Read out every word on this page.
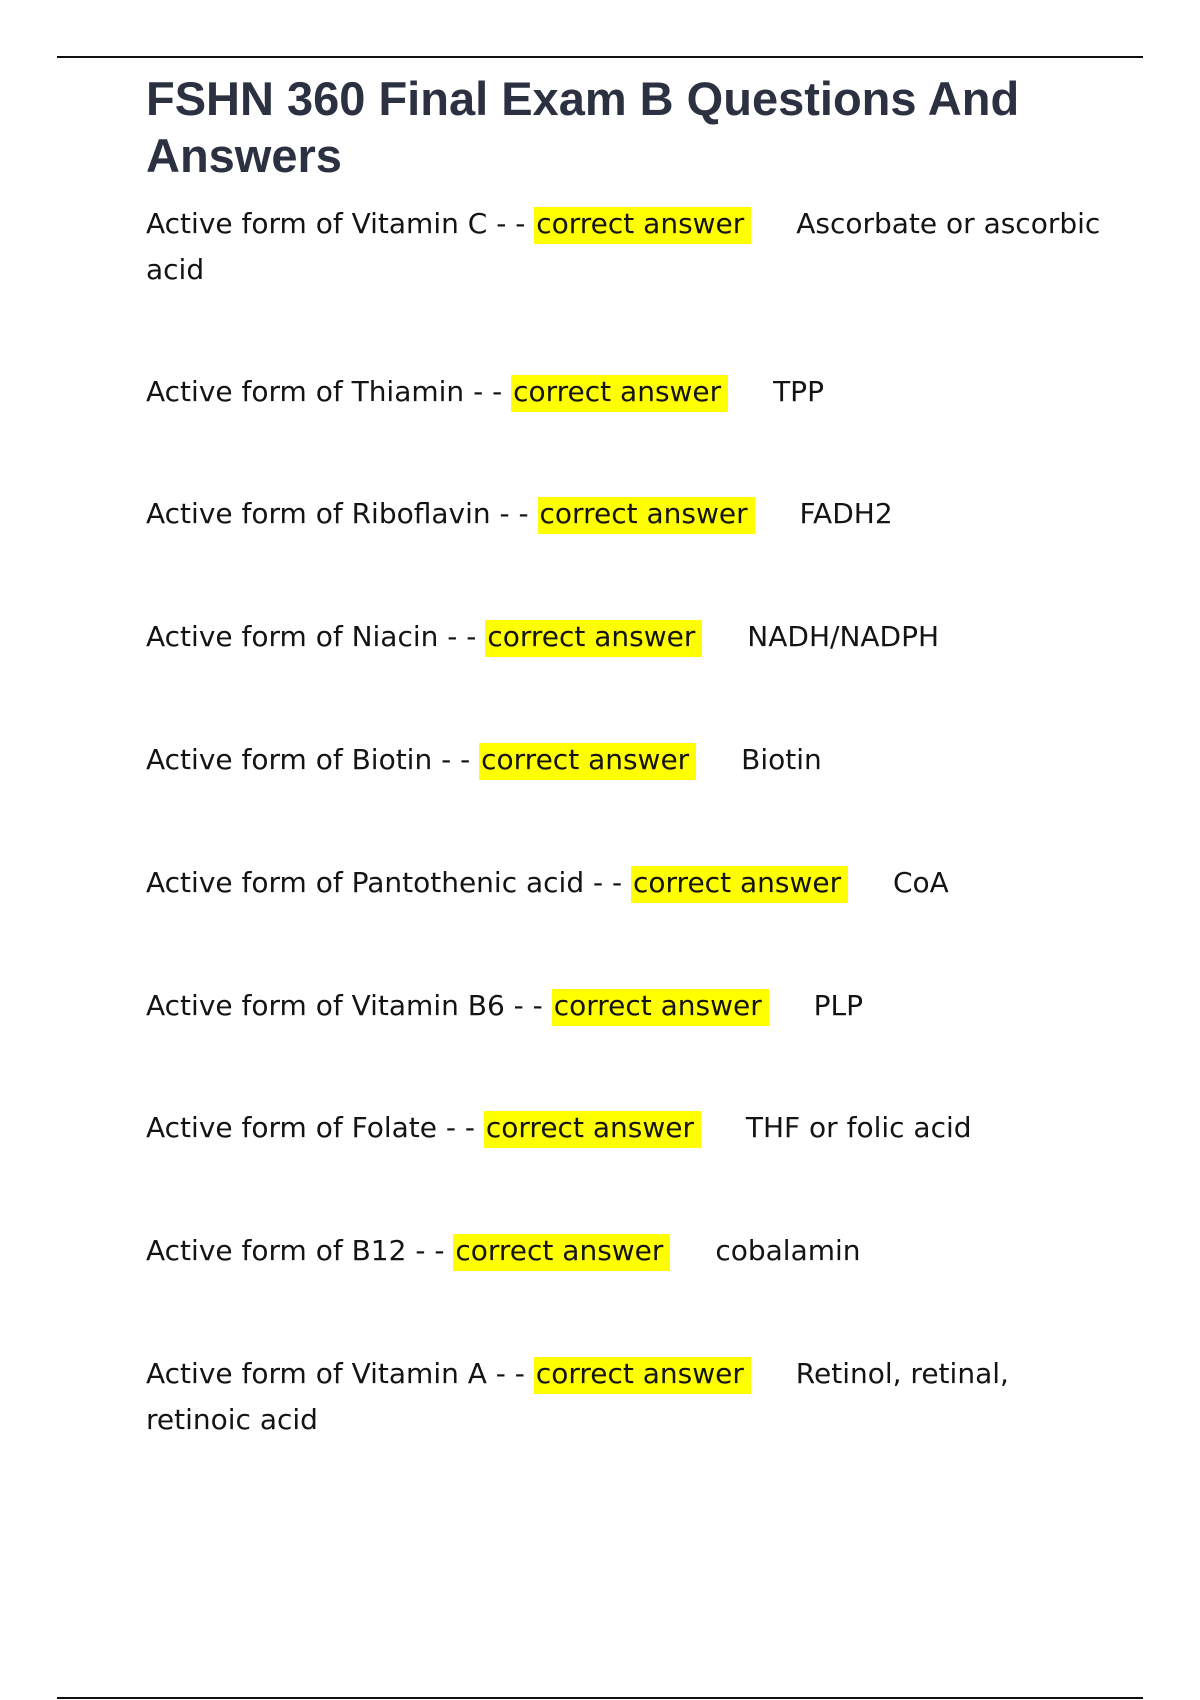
FSHN 360 Final Exam B Questions And Answers

Active form of Vitamin C - - correct answer Ascorbate or ascorbic acid

Active form of Thiamin - - correct answer TPP

Active form of Riboflavin - - correct answer FADH2

Active form of Niacin - - correct answer NADH/NADPH

Active form of Biotin - - correct answer Biotin

Active form of Pantothenic acid - - correct answer CoA

Active form of Vitamin B6 - - correct answer PLP

Active form of Folate - - correct answer THF or folic acid

Active form of B12 - - correct answer cobalamin

Active form of Vitamin A - - correct answer Retinol, retinal, retinoic acid
